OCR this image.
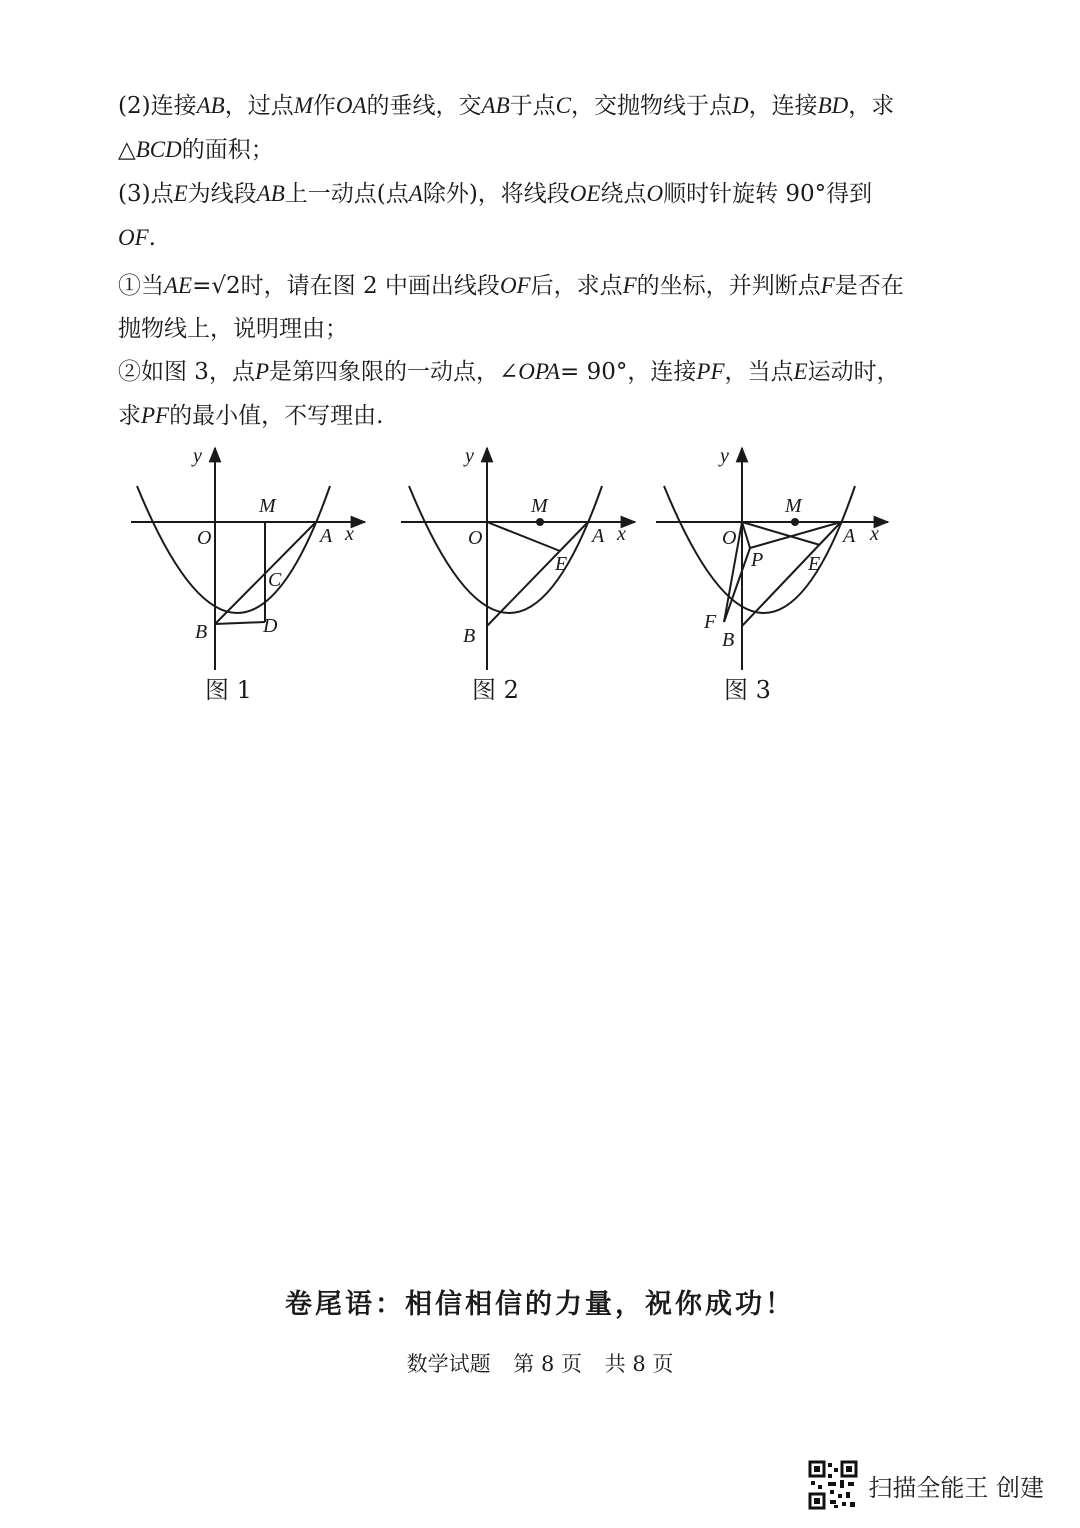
(2)连接AB，过点M作OA的垂线，交AB于点C，交抛物线于点D，连接BD，求
△BCD的面积；

(3)点E为线段AB上一动点(点A除外)，将线段OE绕点O顺时针旋转 90°得到
OF.

①当AE=√2时，请在图 2 中画出线段OF后，求点F的坐标，并判断点F是否在抛物线上，说明理由；

②如图 3，点P是第四象限的一动点，∠OPA= 90°，连接PF，当点E运动时，求PF的最小值，不写理由.

O
M
A
C
B	D
x
y
图 1
O
M
A
E
B
x
y
图 2
O
M
A
P E
F
B
x
y
图 3
卷尾语：相信相信的力量，祝你成功！
数学试题 第 8 页 共 8 页
扫描全能王 创建
